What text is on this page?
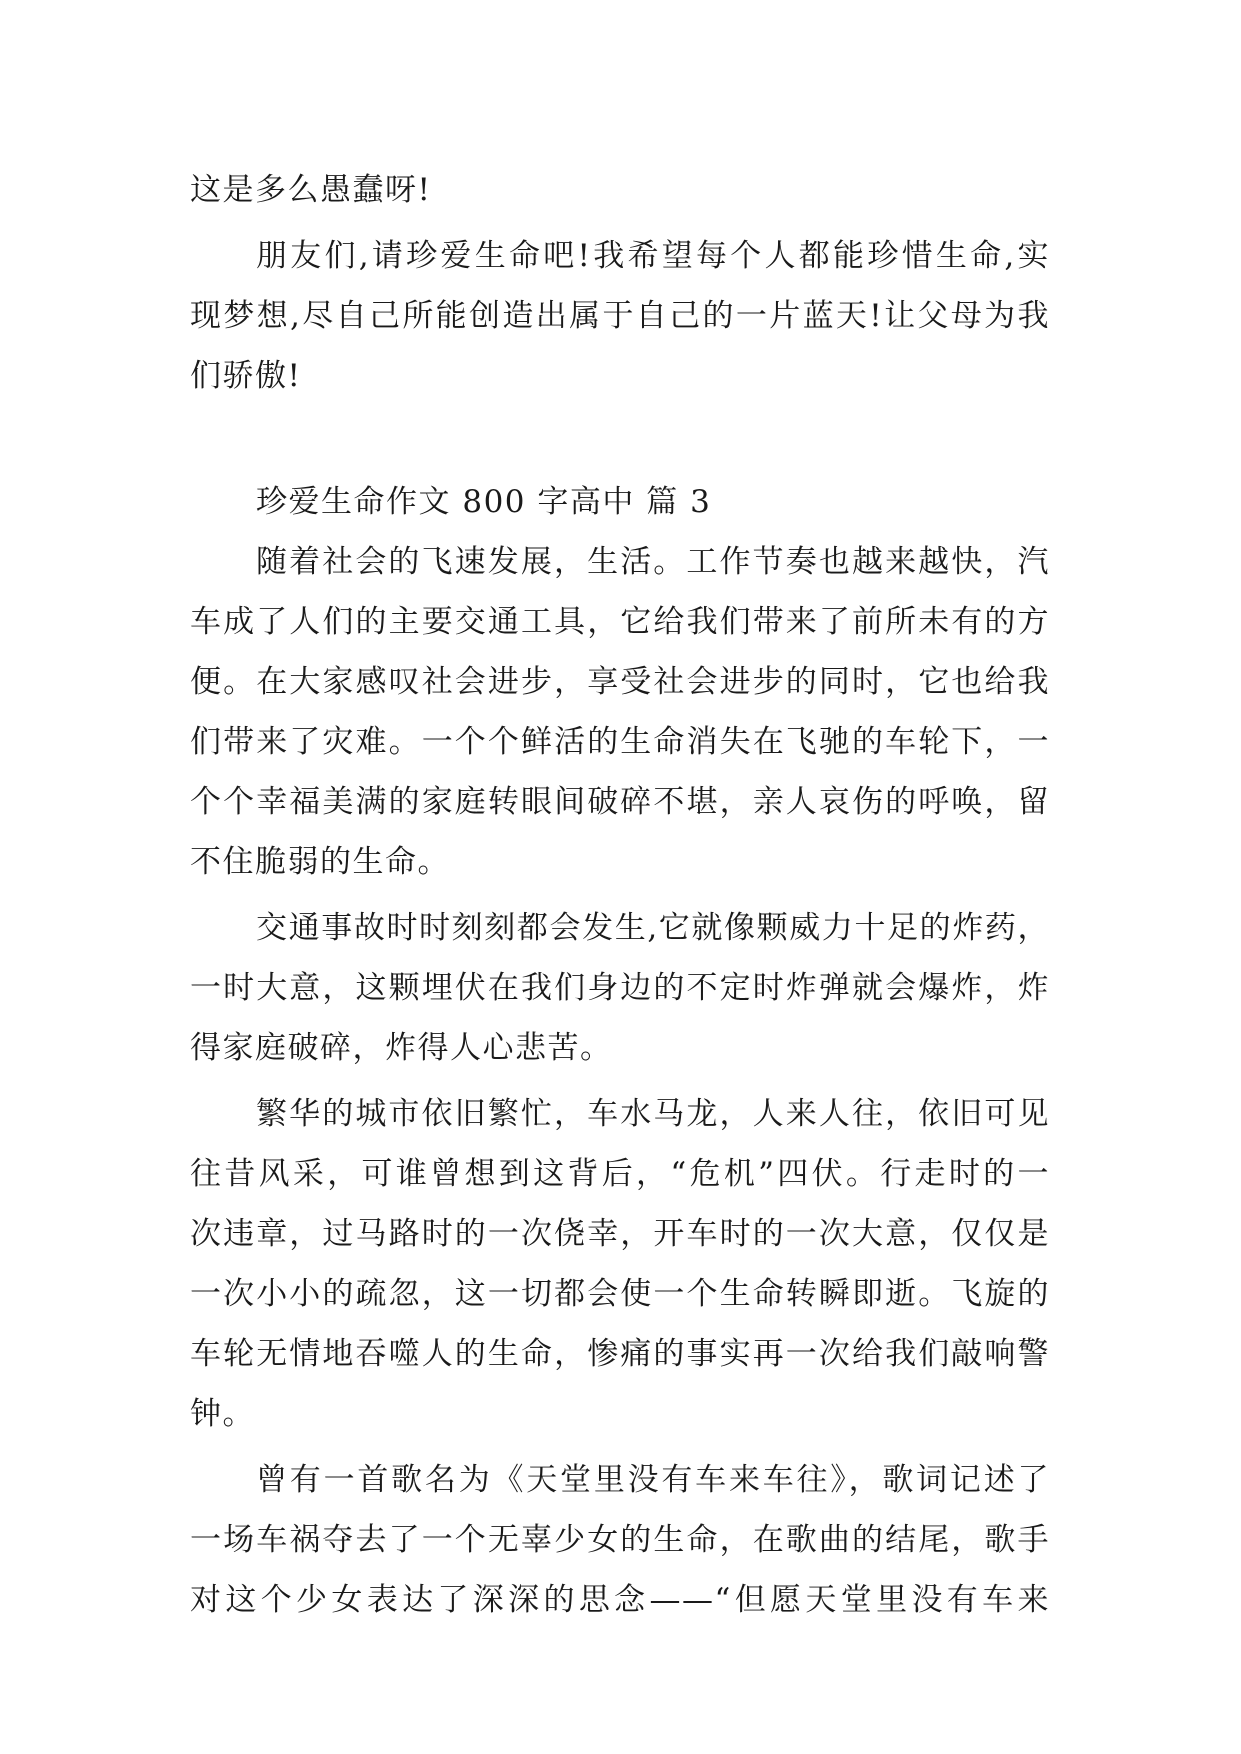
这是多么愚蠢呀!
朋友们,请珍爱生命吧!我希望每个人都能珍惜生命,实
现梦想,尽自己所能创造出属于自己的一片蓝天!让父母为我
们骄傲!
珍爱生命作文 800 字高中 篇 3
随着社会的飞速发展，生活。工作节奏也越来越快，汽
车成了人们的主要交通工具，它给我们带来了前所未有的方
便。在大家感叹社会进步，享受社会进步的同时，它也给我
们带来了灾难。一个个鲜活的生命消失在飞驰的车轮下，一
个个幸福美满的家庭转眼间破碎不堪，亲人哀伤的呼唤，留
不住脆弱的生命。
交通事故时时刻刻都会发生,它就像颗威力十足的炸药，
一时大意，这颗埋伏在我们身边的不定时炸弹就会爆炸，炸
得家庭破碎，炸得人心悲苦。
繁华的城市依旧繁忙，车水马龙，人来人往，依旧可见
往昔风采，可谁曾想到这背后，“危机”四伏。行走时的一
次违章，过马路时的一次侥幸，开车时的一次大意，仅仅是
一次小小的疏忽，这一切都会使一个生命转瞬即逝。飞旋的
车轮无情地吞噬人的生命，惨痛的事实再一次给我们敲响警
钟。
曾有一首歌名为《天堂里没有车来车往》，歌词记述了
一场车祸夺去了一个无辜少女的生命，在歌曲的结尾，歌手
对这个少女表达了深深的思念——“但愿天堂里没有车来
